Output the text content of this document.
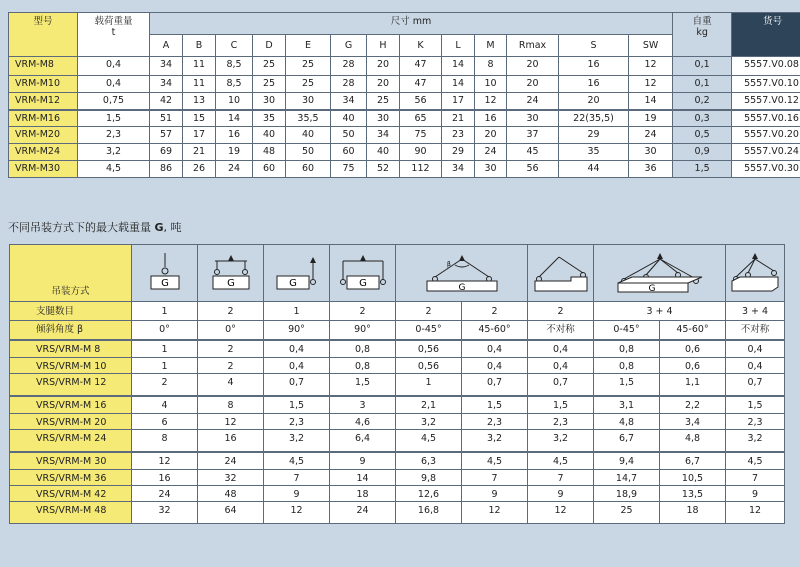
型号	载荷重量
t	尺寸 mm													自重
kg	货号
		A	B	C	D	E	G	H	K	L	M	Rmax	S	SW		
VRM-M8	0,4	34	11	8,5	25	25	28	20	47	14	8	20	16	12	0,1	5557.V0.08
VRM-M10	0,4	34	11	8,5	25	25	28	20	47	14	10	20	16	12	0,1	5557.V0.10
VRM-M12	0,75	42	13	10	30	30	34	25	56	17	12	24	20	14	0,2	5557.V0.12
VRM-M16	1,5	51	15	14	35	35,5	40	30	65	21	16	30	22(35,5)	19	0,3	5557.V0.16
VRM-M20	2,3	57	17	16	40	40	50	34	75	23	20	37	29	24	0,5	5557.V0.20
VRM-M24	3,2	69	21	19	48	50	60	40	90	29	24	45	35	30	0,9	5557.V0.24
VRM-M30	4,5	86	26	24	60	60	75	52	112	34	30	56	44	36	1,5	5557.V0.30
不同吊装方式下的最大载重量 G, 吨
吊装方式	G	G	G	G	β
G			G

支腿数目	1	2	1	2	2	2	2	3 + 4		3 + 4
倾斜角度 β	0°	0°	90°	90°	0-45°	45-60°	不对称	0-45°	45-60°	不对称
VRS/VRM-M 8	1	2	0,4	0,8	0,56	0,4	0,4	0,8	0,6	0,4
VRS/VRM-M 10	1	2	0,4	0,8	0,56	0,4	0,4	0,8	0,6	0,4
VRS/VRM-M 12	2	4	0,7	1,5	1	0,7	0,7	1,5	1,1	0,7
VRS/VRM-M 16	4	8	1,5	3	2,1	1,5	1,5	3,1	2,2	1,5
VRS/VRM-M 20	6	12	2,3	4,6	3,2	2,3	2,3	4,8	3,4	2,3
VRS/VRM-M 24	8	16	3,2	6,4	4,5	3,2	3,2	6,7	4,8	3,2
VRS/VRM-M 30	12	24	4,5	9	6,3	4,5	4,5	9,4	6,7	4,5
VRS/VRM-M 36	16	32	7	14	9,8	7	7	14,7	10,5	7
VRS/VRM-M 42	24	48	9	18	12,6	9	9	18,9	13,5	9
VRS/VRM-M 48	32	64	12	24	16,8	12	12	25	18	12
